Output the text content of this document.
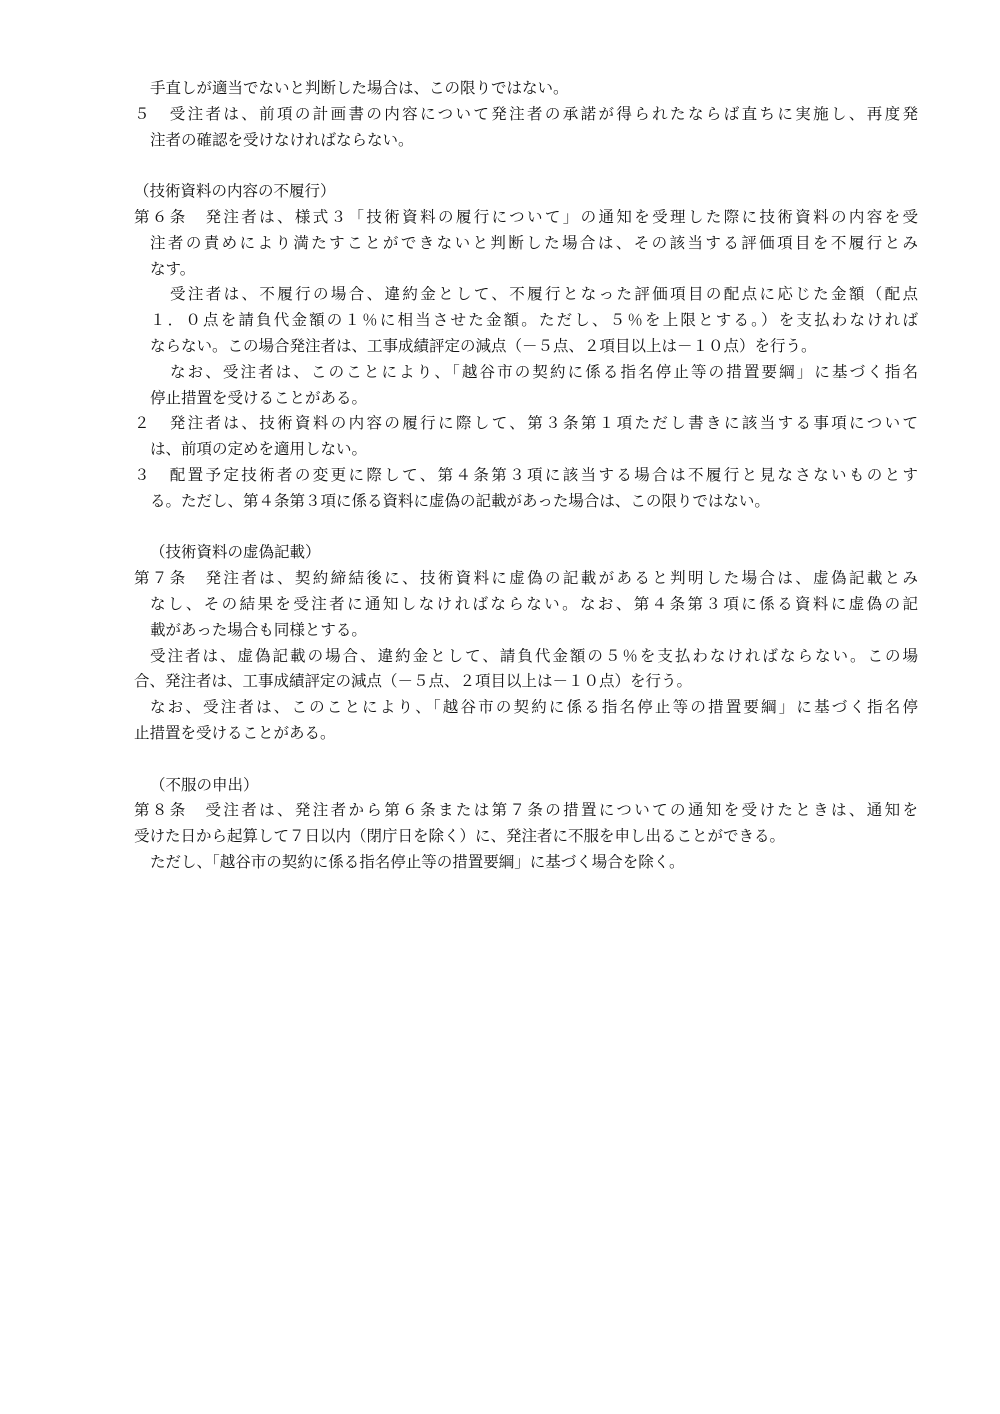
手直しが適当でないと判断した場合は、この限りではない。
５　受注者は、前項の計画書の内容について発注者の承諾が得られたならば直ちに実施し、再度発
注者の確認を受けなければならない。
（技術資料の内容の不履行）
第６条　発注者は、様式３「技術資料の履行について」の通知を受理した際に技術資料の内容を受
注者の責めにより満たすことができないと判断した場合は、その該当する評価項目を不履行とみ
なす。
受注者は、不履行の場合、違約金として、不履行となった評価項目の配点に応じた金額（配点
１．０点を請負代金額の１％に相当させた金額。ただし、５％を上限とする。）を支払わなければ
ならない。この場合発注者は、工事成績評定の減点（－５点、２項目以上は－１０点）を行う。
なお、受注者は、このことにより、「越谷市の契約に係る指名停止等の措置要綱」に基づく指名
停止措置を受けることがある。
２　発注者は、技術資料の内容の履行に際して、第３条第１項ただし書きに該当する事項について
は、前項の定めを適用しない。
３　配置予定技術者の変更に際して、第４条第３項に該当する場合は不履行と見なさないものとす
る。ただし、第４条第３項に係る資料に虚偽の記載があった場合は、この限りではない。
（技術資料の虚偽記載）
第７条　発注者は、契約締結後に、技術資料に虚偽の記載があると判明した場合は、虚偽記載とみ
なし、その結果を受注者に通知しなければならない。なお、第４条第３項に係る資料に虚偽の記
載があった場合も同様とする。
受注者は、虚偽記載の場合、違約金として、請負代金額の５％を支払わなければならない。この場
合、発注者は、工事成績評定の減点（－５点、２項目以上は－１０点）を行う。
なお、受注者は、このことにより、「越谷市の契約に係る指名停止等の措置要綱」に基づく指名停
止措置を受けることがある。
（不服の申出）
第８条　受注者は、発注者から第６条または第７条の措置についての通知を受けたときは、通知を
受けた日から起算して７日以内（閉庁日を除く）に、発注者に不服を申し出ることができる。
ただし、「越谷市の契約に係る指名停止等の措置要綱」に基づく場合を除く。
